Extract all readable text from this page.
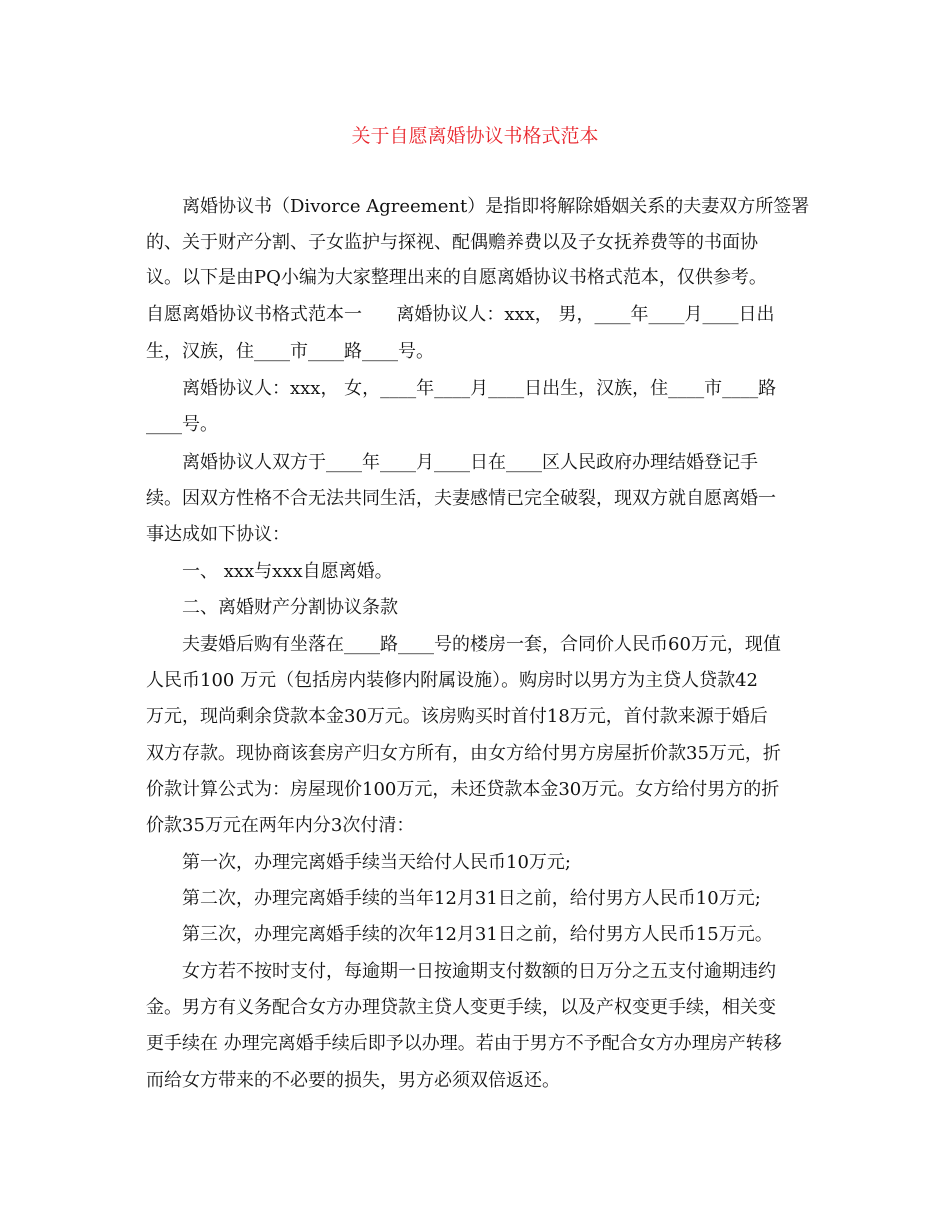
关于自愿离婚协议书格式范本
离婚协议书（Divorce Agreement）是指即将解除婚姻关系的夫妻双方所签署
的、关于财产分割、子女监护与探视、配偶赡养费以及子女抚养费等的书面协
议。以下是由PQ小编为大家整理出来的自愿离婚协议书格式范本，仅供参考。
自愿离婚协议书格式范本一      离婚协议人：xxx， 男，____年____月____日出
生，汉族，住____市____路____号。
离婚协议人：xxx， 女，____年____月____日出生，汉族，住____市____路
____号。
离婚协议人双方于____年____月____日在____区人民政府办理结婚登记手
续。因双方性格不合无法共同生活，夫妻感情已完全破裂，现双方就自愿离婚一
事达成如下协议：
一、 xxx与xxx自愿离婚。
二、离婚财产分割协议条款
夫妻婚后购有坐落在____路____号的楼房一套，合同价人民币60万元，现值
人民币100 万元（包括房内装修内附属设施）。购房时以男方为主贷人贷款42
万元，现尚剩余贷款本金30万元。该房购买时首付18万元，首付款来源于婚后
双方存款。现协商该套房产归女方所有，由女方给付男方房屋折价款35万元，折
价款计算公式为：房屋现价100万元，未还贷款本金30万元。女方给付男方的折
价款35万元在两年内分3次付清：
第一次，办理完离婚手续当天给付人民币10万元;
第二次，办理完离婚手续的当年12月31日之前，给付男方人民币10万元;
第三次，办理完离婚手续的次年12月31日之前，给付男方人民币15万元。
女方若不按时支付，每逾期一日按逾期支付数额的日万分之五支付逾期违约
金。男方有义务配合女方办理贷款主贷人变更手续，以及产权变更手续，相关变
更手续在 办理完离婚手续后即予以办理。若由于男方不予配合女方办理房产转移
而给女方带来的不必要的损失，男方必须双倍返还。
